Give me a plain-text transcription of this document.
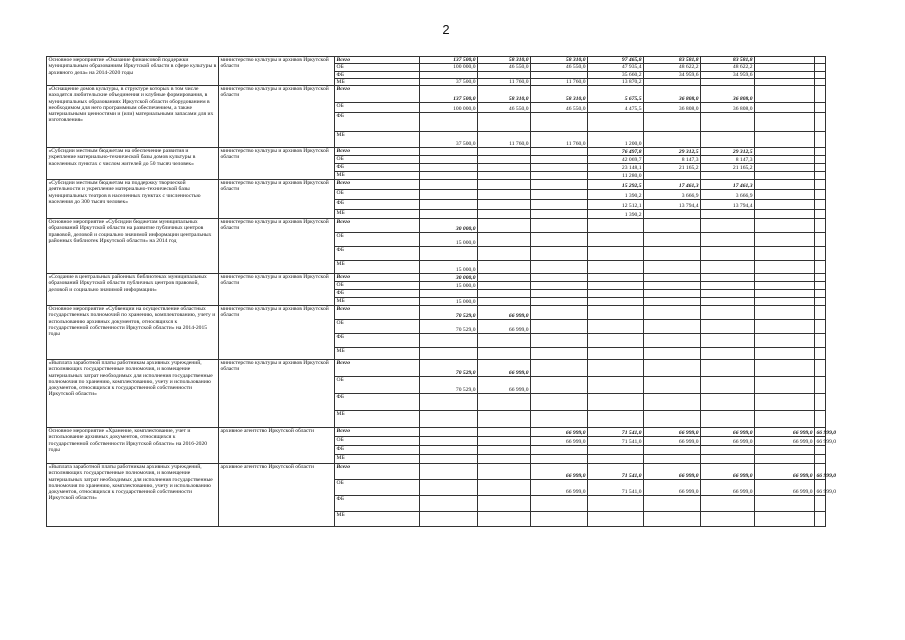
2
Основное мероприятие «Оказание финансовой поддержки муниципальным образованиям Иркутской области в сфере культуры в архивного дела» на 2014-2020 годы	министерство культуры и архивов Иркутской области	Всего	137 500,0	58 310,0	58 310,0	97 465,8	83 581,8	83 581,8		
		ОБ	100 000,0	46 550,0	46 550,0	47 935,4	48 622,2	48 622,2		
		ФБ				35 660,2	34 959,6	34 959,6		
		МБ	37 500,0	11 760,0	11 760,0	13 870,2				
«Оснащение домов культуры, в структуре которых в том числе находятся любительские объединения и клубные формирования, в муниципальных образованиях Иркутской области оборудованием в необходимом для него программным обеспечением, а также материальными ценностями и (или) материальными запасами для их изготовления»	министерство культуры и архивов Иркутской области	Всего	137 500,0	58 310,0	58 310,0	5 675,5	36 808,0	36 808,0		
		ОБ	100 000,0	46 550,0	46 550,0	4 475,5	36 808,0	36 808,0		
		ФБ								
		МБ	37 500,0	11 760,0	11 760,0	1 200,0				
«Субсидии местным бюджетам на обеспечение развития и укрепление материально-технической базы домов культуры в населенных пунктах с числом жителей до 50 тысяч человек»	министерство культуры и архивов Иркутской области	Всего				76 497,8	29 312,5	29 312,5		
		ОБ				42 069,7	8 147,3	8 147,3		
		ФБ				23 148,1	21 165,2	21 165,2		
		МБ				11 280,0				
«Субсидии местным бюджетам на поддержку творческой деятельности и укрепление материально-технической базы муниципальных театров в населенных пунктах с численностью населения до 300 тысяч человек»	министерство культуры и архивов Иркутской области	Всего				15 292,5	17 461,3	17 461,3		
		ОБ				1 390,2	3 666,9	3 666,9		
		ФБ				12 512,1	13 794,4	13 794,4		
		МБ				1 390,2				
Основное мероприятие «Субсидии бюджетам муниципальных образований Иркутской области на развитие публичных центров правовой, деловой и социально значимой информации центральных районных библиотек Иркутской области» на 2014 год	министерство культуры и архивов Иркутской области	Всего	30 000,0							
		ОБ	15 000,0							
		ФБ								
		МБ	15 000,0							
«Создание в центральных районных библиотеках муниципальных образований Иркутской области публичных центров правовой, деловой и социально значимой информации»	министерство культуры и архивов Иркутской области	Всего	30 000,0							
		ОБ	15 000,0							
		ФБ								
		МБ	15 000,0							
Основное мероприятие «Субвенции на осуществление областных государственных полномочий по хранению, комплектованию, учету и использованию архивных документов, относящихся к государственной собственности Иркутской области» на 2014-2015 годы	министерство культуры и архивов Иркутской области	Всего	70 529,0	66 999,0						
		ОБ	70 529,0	66 999,0						
		ФБ								
		МБ								
«Выплата заработной платы работникам архивных учреждений, исполняющих государственные полномочия, и возмещение материальных затрат необходимых для исполнения государственные полномочия по хранению, комплектованию, учету и использованию документов, относящихся к государственной собственности Иркутской области»	министерство культуры и архивов Иркутской области	Всего	70 529,0	66 999,0						
		ОБ	70 529,0	66 999,0						
		ФБ								
		МБ								
Основное мероприятие «Хранение, комплектование, учет и использование архивных документов, относящихся к государственной собственности Иркутской области» на 2016-2020 годы	архивное агентство Иркутской области	Всего			66 999,0	71 541,0	66 999,0	66 999,0	66 999,0	66 999,0
		ОБ			66 999,0	71 541,0	66 999,0	66 999,0	66 999,0	66 999,0
		ФБ								
		МБ								
«Выплата заработной платы работникам архивных учреждений, исполняющих государственные полномочия, и возмещение материальных затрат необходимых для исполнения государственные полномочия по хранению, комплектованию, учету и использованию документов, относящихся к государственной собственности Иркутской области»	архивное агентство Иркутской области	Всего			66 999,0	71 541,0	66 999,0	66 999,0	66 999,0	66 999,0
		ОБ			66 999,0	71 541,0	66 999,0	66 999,0	66 999,0	66 999,0
		ФБ								
		МБ								
